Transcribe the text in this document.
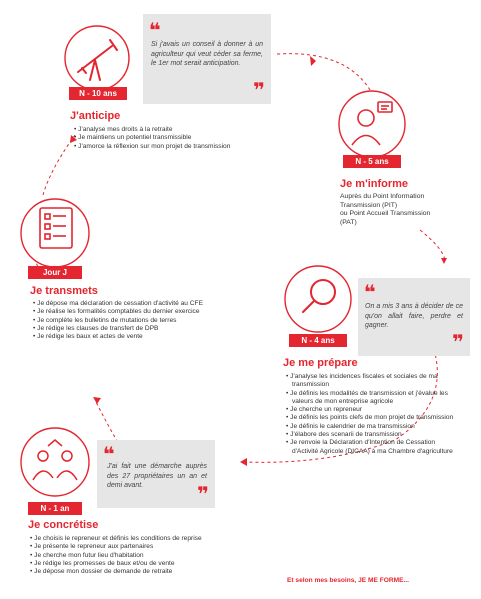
N - 10 ans
J'anticipe
• J'analyse mes droits à la retraite
• Je maintiens un potentiel transmissible
• J'amorce la réflexion sur mon projet de transmission
❝
Si j'avais un conseil à donner à un agriculteur qui veut céder sa ferme, le 1er mot serait anticipation.
❞
N - 5 ans
Je m'informe
Auprès du Point Information
Transmission (PIT)
ou Point Accueil Transmission
(PAT)
Jour J
Je transmets
• Je dépose ma déclaration de cessation d'activité au CFE
• Je réalise les formalités comptables du dernier exercice
• Je complète les bulletins de mutations de terres
• Je rédige les clauses de transfert de DPB
• Je rédige les baux et actes de vente
❝
On a mis 3 ans à décider de ce qu'on allait faire, perdre et gagner.
❞
N - 4 ans
Je me prépare
• J'analyse les incidences fiscales et sociales de ma transmission
• Je définis les modalités de transmission et j'évalue les valeurs de mon entreprise agricole
• Je cherche un repreneur
• Je définis les points clefs de mon projet de transmission
• Je définis le calendrier de ma transmission
• J'élabore des scenarii de transmission
• Je renvoie la Déclaration d'Intention de Cessation d'Activité Agricole (DICAA) à ma Chambre d'agriculture
❝
J'ai fait une démarche auprès des 27 propriétaires un an et demi avant.	❞
N - 1 an
Je concrétise
• Je choisis le repreneur et définis les conditions de reprise
• Je présente le repreneur aux partenaires
• Je cherche mon futur lieu d'habitation
• Je rédige les promesses de baux et/ou de vente
• Je dépose mon dossier de demande de retraite
Et selon mes besoins, JE ME FORME...
